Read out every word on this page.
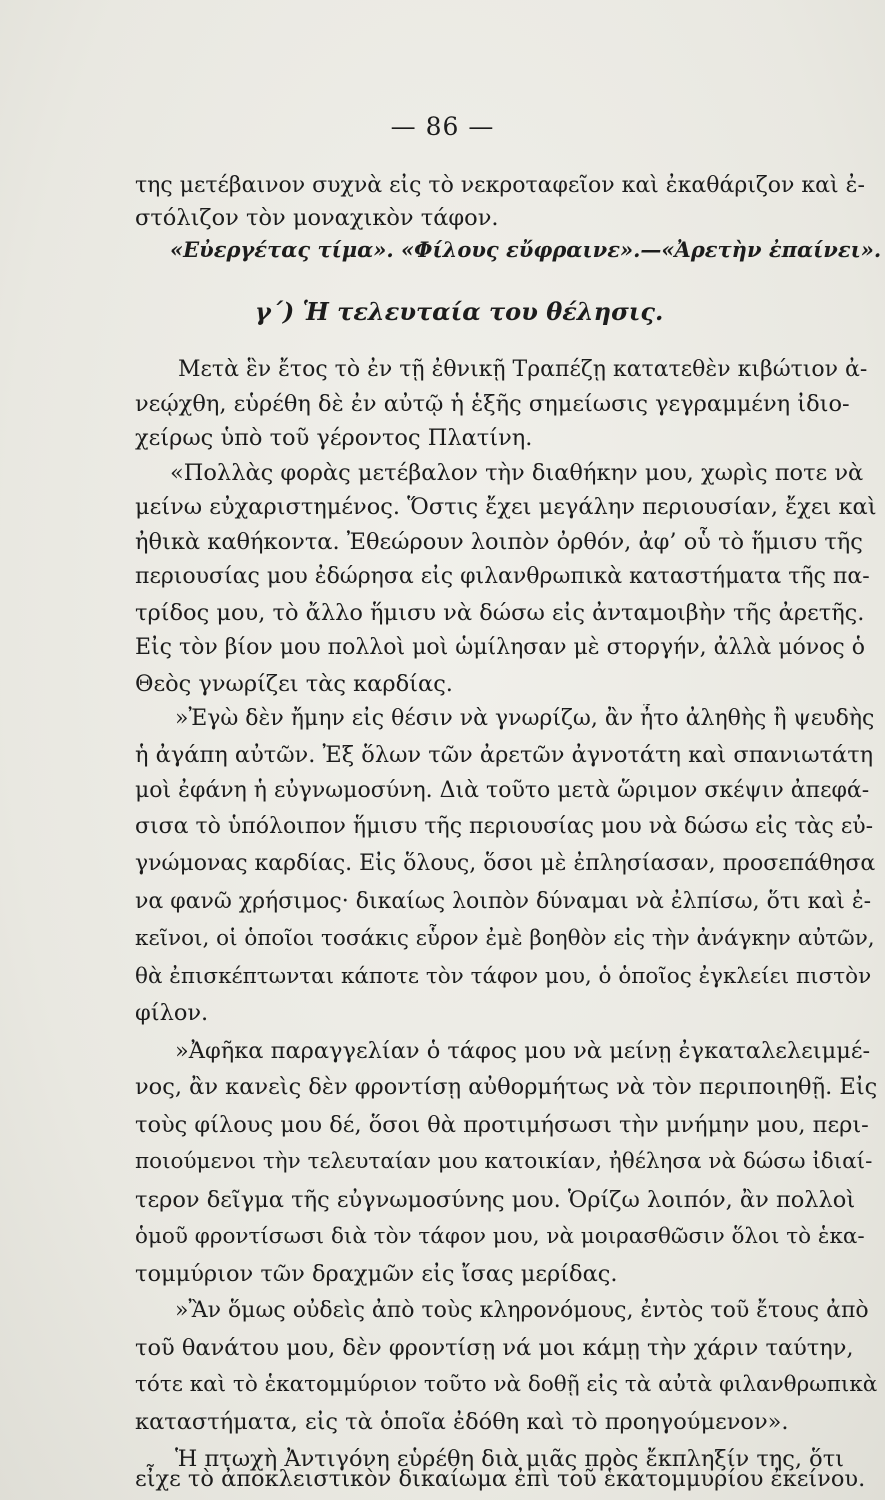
— 86 —
της μετέβαινον συχνὰ εἰς τὸ νεκροταφεῖον καὶ ἐκαθάριζον καὶ ἐ-
στόλιζον τὸν μοναχικὸν τάφον.
«Εὐεργέτας τίμα». «Φίλους εὔφραινε».—«Ἀρετὴν ἐπαίνει».
γ΄) Ἡ τελευταία του θέλησις.
Μετὰ ἓν ἔτος τὸ ἐν τῇ ἐθνικῇ Τραπέζῃ κατατεθὲν κιβώτιον ἀ-
νεῴχθη, εὑρέθη δὲ ἐν αὐτῷ ἡ ἑξῆς σημείωσις γεγραμμένη ἰδιο-
χείρως ὑπὸ τοῦ γέροντος Πλατίνη.
«Πολλὰς φορὰς μετέβαλον τὴν διαθήκην μου, χωρὶς ποτε νὰ
μείνω εὐχαριστημένος. Ὅστις ἔχει μεγάλην περιουσίαν, ἔχει καὶ
ἠθικὰ καθήκοντα. Ἐθεώρουν λοιπὸν ὀρθόν, ἀφ’ οὗ τὸ ἥμισυ τῆς
περιουσίας μου ἐδώρησα εἰς φιλανθρωπικὰ καταστήματα τῆς πα-
τρίδος μου, τὸ ἄλλο ἥμισυ νὰ δώσω εἰς ἀνταμοιβὴν τῆς ἀρετῆς.
Εἰς τὸν βίον μου πολλοὶ μοὶ ὡμίλησαν μὲ στοργήν, ἀλλὰ μόνος ὁ
Θεὸς γνωρίζει τὰς καρδίας.
»Ἐγὼ δὲν ἤμην εἰς θέσιν νὰ γνωρίζω, ἂν ἦτο ἀληθὴς ἢ ψευδὴς
ἡ ἀγάπη αὐτῶν. Ἐξ ὅλων τῶν ἀρετῶν ἀγνοτάτη καὶ σπανιωτάτη
μοὶ ἐφάνη ἡ εὐγνωμοσύνη. Διὰ τοῦτο μετὰ ὥριμον σκέψιν ἀπεφά-
σισα τὸ ὑπόλοιπον ἥμισυ τῆς περιουσίας μου νὰ δώσω εἰς τὰς εὐ-
γνώμονας καρδίας. Εἰς ὅλους, ὅσοι μὲ ἐπλησίασαν, προσεπάθησα
να φανῶ χρήσιμος· δικαίως λοιπὸν δύναμαι νὰ ἐλπίσω, ὅτι καὶ ἐ-
κεῖνοι, οἱ ὁποῖοι τοσάκις εὗρον ἐμὲ βοηθὸν εἰς τὴν ἀνάγκην αὐτῶν,
θὰ ἐπισκέπτωνται κάποτε τὸν τάφον μου, ὁ ὁποῖος ἐγκλείει πιστὸν
φίλον.
»Ἀφῆκα παραγγελίαν ὁ τάφος μου νὰ μείνῃ ἐγκαταλελειμμέ-
νος, ἂν κανεὶς δὲν φροντίσῃ αὐθορμήτως νὰ τὸν περιποιηθῇ. Εἰς
τοὺς φίλους μου δέ, ὅσοι θὰ προτιμήσωσι τὴν μνήμην μου, περι-
ποιούμενοι τὴν τελευταίαν μου κατοικίαν, ἠθέλησα νὰ δώσω ἰδιαί-
τερον δεῖγμα τῆς εὐγνωμοσύνης μου. Ὁρίζω λοιπόν, ἂν πολλοὶ
ὁμοῦ φροντίσωσι διὰ τὸν τάφον μου, νὰ μοιρασθῶσιν ὅλοι τὸ ἑκα-
τομμύριον τῶν δραχμῶν εἰς ἴσας μερίδας.
»Ἂν ὅμως οὐδεὶς ἀπὸ τοὺς κληρονόμους, ἐντὸς τοῦ ἔτους ἀπὸ
τοῦ θανάτου μου, δὲν φροντίσῃ νά μοι κάμῃ τὴν χάριν ταύτην,
τότε καὶ τὸ ἑκατομμύριον τοῦτο νὰ δοθῇ εἰς τὰ αὐτὰ φιλανθρωπικὰ
καταστήματα, εἰς τὰ ὁποῖα ἐδόθη καὶ τὸ προηγούμενον».
Ἡ πτωχὴ Ἀντιγόνη εὑρέθη διὰ μιᾶς πρὸς ἔκπληξίν της, ὅτι
εἶχε τὸ ἀποκλειστικὸν δικαίωμα ἐπὶ τοῦ ἑκατομμυρίου ἐκείνου.
